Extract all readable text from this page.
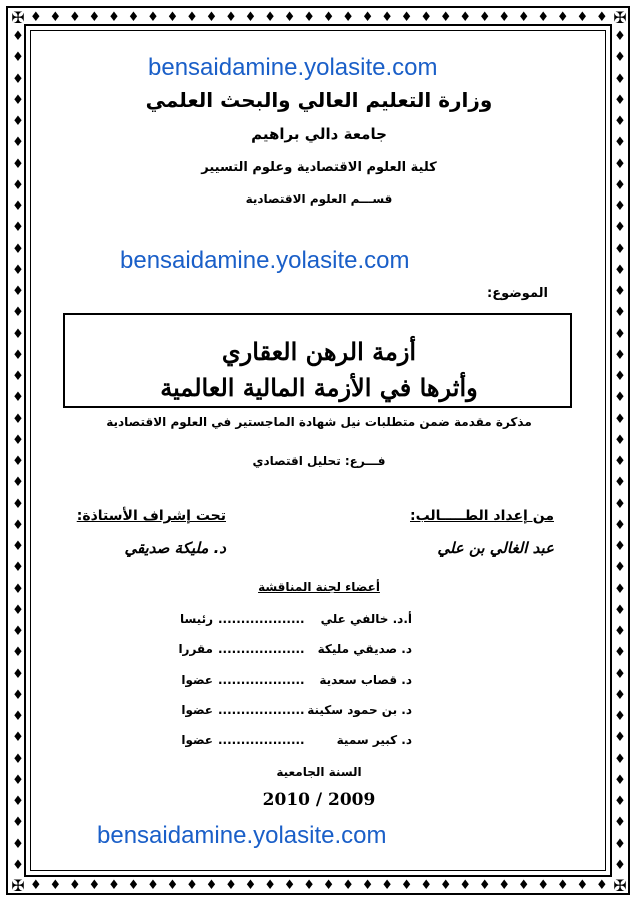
♦ ♦ ♦ ♦ ♦ ♦ ♦ ♦ ♦ ♦ ♦ ♦ ♦ ♦ ♦ ♦ ♦ ♦ ♦ ♦ ♦ ♦ ♦ ♦ ♦ ♦ ♦ ♦ ♦ ♦
♦ ♦ ♦ ♦ ♦ ♦ ♦ ♦ ♦ ♦ ♦ ♦ ♦ ♦ ♦ ♦ ♦ ♦ ♦ ♦ ♦ ♦ ♦ ♦ ♦ ♦ ♦ ♦ ♦ ♦
♦
♦
♦
♦
♦
♦
♦
♦
♦
♦
♦
♦
♦
♦
♦
♦
♦
♦
♦
♦
♦
♦
♦
♦
♦
♦
♦
♦
♦
♦
♦
♦
♦
♦
♦
♦
♦
♦
♦
♦
♦
♦
♦
♦
♦
♦
♦
♦
♦
♦
♦
♦
♦
♦
♦
♦
♦
♦
♦
♦
♦
♦
♦
♦
♦
♦
♦
♦
♦
♦
♦
♦
♦
♦
♦
♦
♦
♦
♦
♦
✠	✠
✠	✠
bensaidamine.yolasite.com
bensaidamine.yolasite.com
bensaidamine.yolasite.com
وزارة التعليم العالي والبحث العلمي
جامعة دالي براهيم
كلية العلوم الاقتصادية وعلوم التسيير
قســـم العلوم الاقتصادية
الموضوع:
أزمة الرهن العقاري
وأثرها في الأزمة المالية العالمية
مذكرة مقدمة ضمن متطلبات نيل شهادة الماجستير في العلوم الاقتصادية
فـــرع: تحليل اقتصادي
من إعداد الطـــــالب:
عبد الغالي بن علي
تحت إشراف الأستاذة:
د. مليكة صديقي
أعضاء لجنة المناقشة
أ.د. خالفي علي
...................
رئيسا
د. صديقي مليكة
...................
مقررا
د. قصاب سعدية
...................
عضوا
د. بن حمود سكينة
...................
عضوا
د. كبير سمية
...................
عضوا
السنة الجامعية
2010 / 2009
